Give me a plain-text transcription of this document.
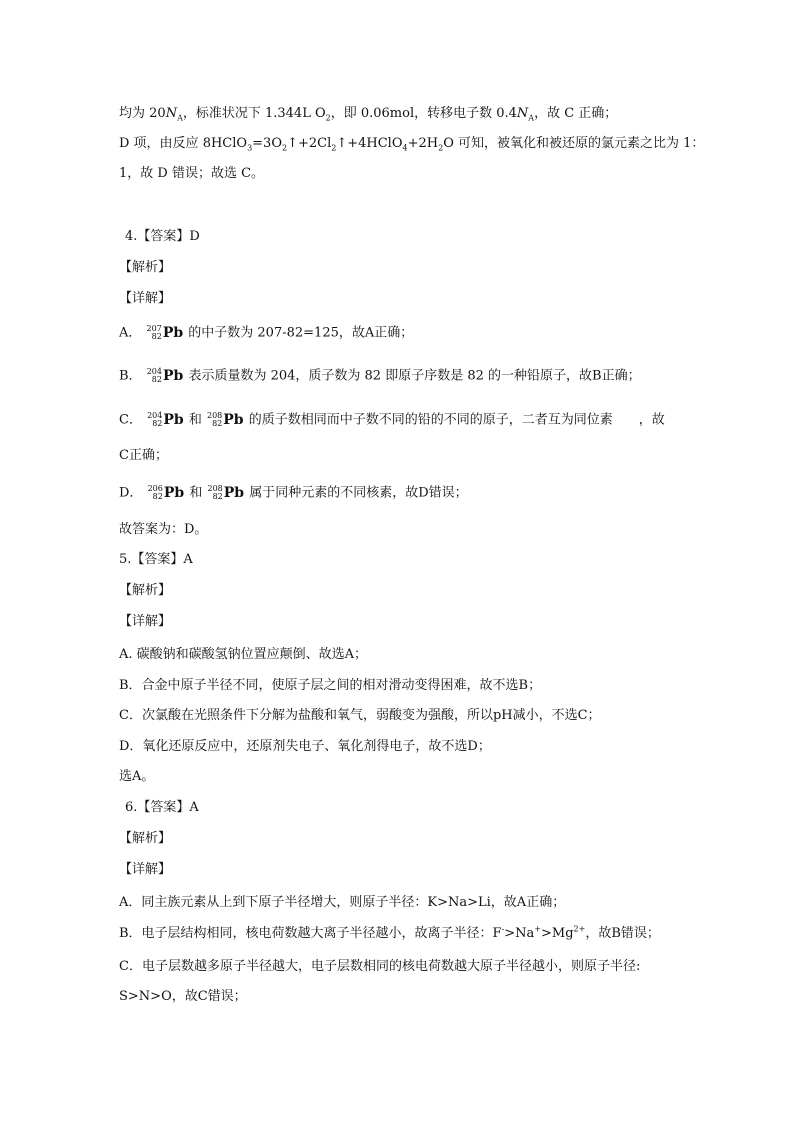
均为 $20N_A$，标准状况下 1.344L $O_2$，即 0.06mol，转移电子数 $0.4N_A$，故 C 正确；
D 项，由反应 $8HClO_3=3O_2↑+2Cl_2↑+4HClO_4+2H_2O$ 可知，被氧化和被还原的氯元素之比为 1：
1，故 D 错误；故选 C。
4.【答案】D
【解析】
【详解】
A． 207
82 Pb 的中子数为 207-82=125，故A正确；
B． 204
82 Pb 表示质量数为 204，质子数为 82 即原子序数是 82 的一种铅原子，故B正确；
C． 204
82 Pb 和 208
82 Pb 的质子数相同而中子数不同的铅的不同的原子，二者互为同位素　　，故
C正确；
D． 206
82 Pb 和 208
82 Pb 属于同种元素的不同核素，故D错误；
故答案为：D。
5.【答案】A
【解析】
【详解】
A. 碳酸钠和碳酸氢钠位置应颠倒、故选A；
B．合金中原子半径不同，使原子层之间的相对滑动变得困难，故不选B；
C．次氯酸在光照条件下分解为盐酸和氧气，弱酸变为强酸，所以pH减小，不选C；
D．氧化还原反应中，还原剂失电子、氧化剂得电子，故不选D；
选A。
6.【答案】A
【解析】
【详解】
A．同主族元素从上到下原子半径增大，则原子半径：K>Na>Li，故A正确；
B．电子层结构相同，核电荷数越大离子半径越小，故离子半径：$F^->Na^+>Mg^{2+}$，故B错误；
C．电子层数越多原子半径越大，电子层数相同的核电荷数越大原子半径越小，则原子半径:
S>N>O，故C错误；
